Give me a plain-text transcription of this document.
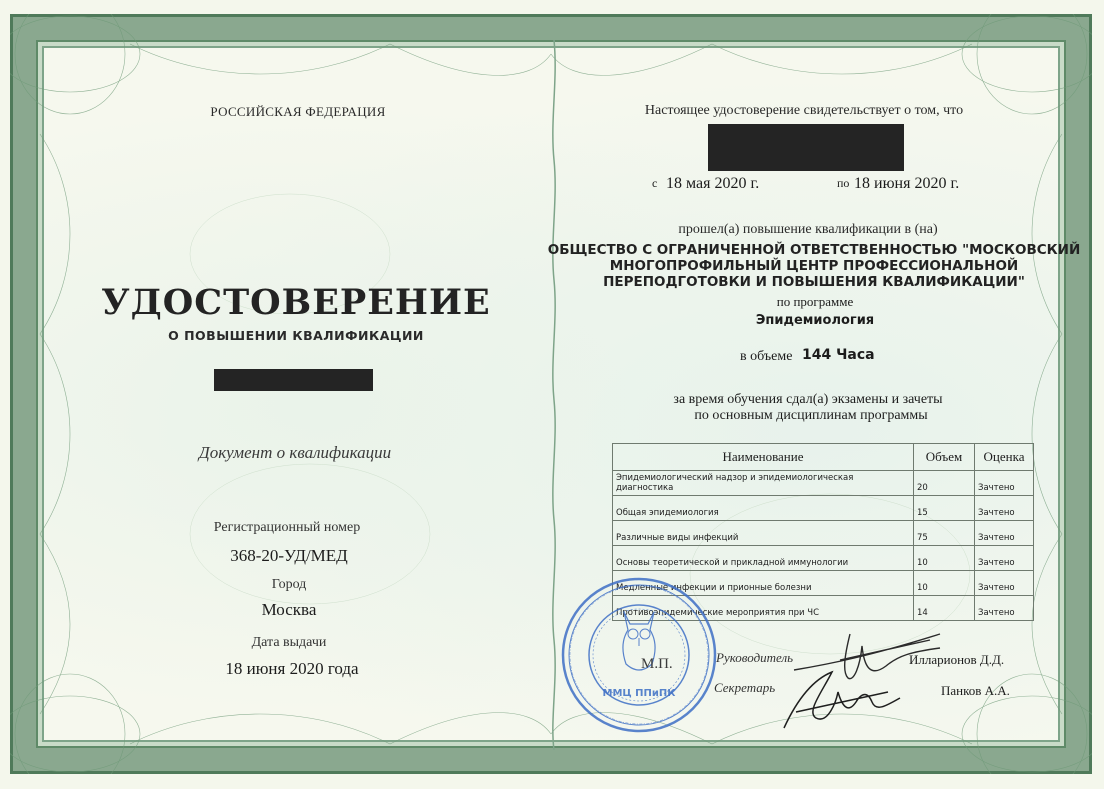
РОССИЙСКАЯ ФЕДЕРАЦИЯ
УДОСТОВЕРЕНИЕ
О ПОВЫШЕНИИ КВАЛИФИКАЦИИ
Документ о квалификации
Регистрационный номер
368-20-УД/МЕД
Город
Москва
Дата выдачи
18 июня 2020 года
Настоящее удостоверение свидетельствует о том, что
с 18 мая 2020 г.	по 18 июня 2020 г.
прошел(а) повышение квалификации в (на)
ОБЩЕСТВО С ОГРАНИЧЕННОЙ ОТВЕТСТВЕННОСТЬЮ "МОСКОВСКИЙ
МНОГОПРОФИЛЬНЫЙ ЦЕНТР ПРОФЕССИОНАЛЬНОЙ
ПЕРЕПОДГОТОВКИ И ПОВЫШЕНИЯ КВАЛИФИКАЦИИ"
по программе
Эпидемиология
в объеме 144 Часа
за время обучения сдал(а) экзамены и зачеты
по основным дисциплинам программы
Наименование	Объем	Оценка
Эпидемиологический надзор и эпидемиологическая диагностика	20	Зачтено
Общая эпидемиология	15	Зачтено
Различные виды инфекций	75	Зачтено
Основы теоретической и прикладной иммунологии	10	Зачтено
Медленные инфекции и прионные болезни	10	Зачтено
Противоэпидемические мероприятия при ЧС	14	Зачтено
ММЦ ППиПК
М.П.	Руководитель	Илларионов Д.Д.
Секретарь	Панков А.А.
